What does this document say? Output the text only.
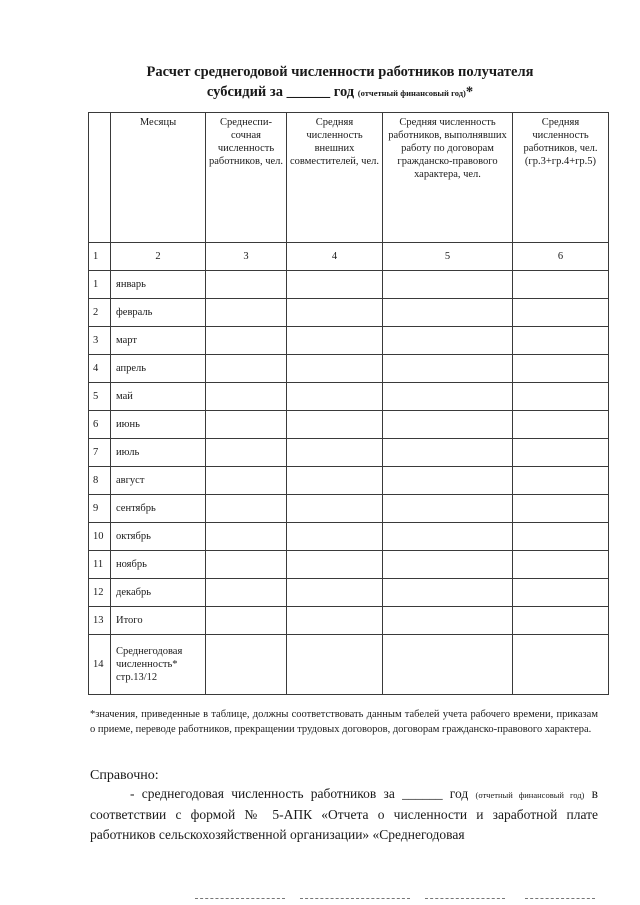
Расчет среднегодовой численности работников получателя
субсидий за ______ год (отчетный финансовый год)*
	Месяцы	Среднеспи-сочная численность работников, чел.	Средняя численность внешних совместителей, чел.	Средняя численность работников, выполнявших работу по договорам гражданско-правового характера, чел.	Средняя численность работников, чел. (гр.3+гр.4+гр.5)
1	2	3	4	5	6
1	январь				
2	февраль				
3	март				
4	апрель				
5	май				
6	июнь				
7	июль				
8	август				
9	сентябрь				
10	октябрь				
11	ноябрь				
12	декабрь				
13	Итого				
14	Среднегодовая численность* стр.13/12				
*значения, приведенные в таблице, должны соответствовать данным табелей учета рабочего времени, приказам о приеме, переводе работников, прекращении трудовых договоров, договорам гражданско-правового характера.
Справочно:
- среднегодовая численность работников за ______ год (отчетный финансовый год) в соответствии с формой № 5-АПК «Отчета о численности и заработной плате работников сельскохозяйственной организации» «Среднегодовая
